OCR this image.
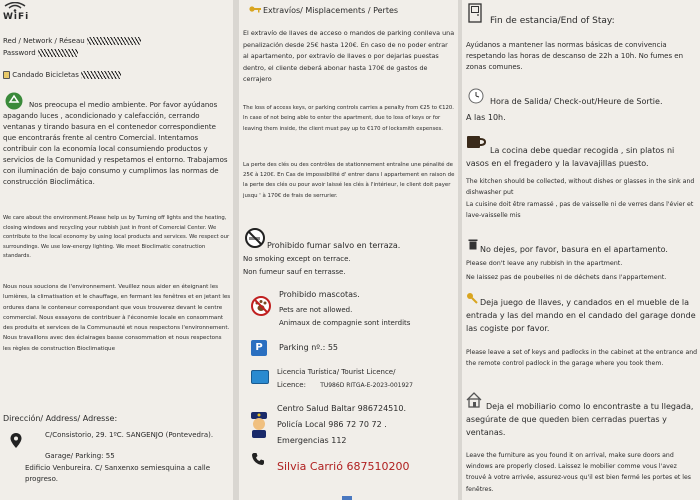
WiFi
Red / Network / Réseau
Password
Candado Bicicletas
Nos preocupa el medio ambiente. Por favor ayúdanos apagando luces , acondicionado y calefacción, cerrando ventanas y tirando basura en el contenedor correspondiente que encontrarás frente al centro Comercial. Intentamos contribuir con la economía local consumiendo productos y servicios de la Comunidad y respetamos el entorno. Trabajamos con iluminación de bajo consumo y cumplimos las normas de construcción Bioclimática.
We care about the environment.Please help us by Turning off lights and the heating, closing windows and recycling your rubbish just in front of Comercial Center. We contribute to the local economy by using local products and services. We respect our surroundings. We use low-energy lighting. We meet Bioclimatic construction standards.
Nous nous soucions de l'environnement. Veuillez nous aider en éteignant les lumières, la climatisation et le chauffage, en fermant les fenêtres et en jetant les ordures dans le conteneur correspondant que vous trouverez devant le centre commercial. Nous essayons de contribuer à l'économie locale en consommant des produits et services de la Communauté et nous respectons l'environnement. Nous travaillons avec des éclairages basse consommation et nous respectons les règles de construction Bioclimatique
Dirección/ Address/ Adresse:
C/Consistorio, 29. 1ºC. SANGENJO (Pontevedra).
Garage/ Parking: 55
Edificio Venbureira. C/ Sanxenxo semiesquina a calle progreso.
Extravíos/ Misplacements / Pertes
El extravío de llaves de acceso o mandos de parking conlleva una penalización desde 25€ hasta 120€. En caso de no poder entrar al apartamento, por extravío de llaves o por dejarlas puestas dentro, el cliente deberá abonar hasta 170€ de gastos de cerrajero
The loss of access keys, or parking controls carries a penalty from €25 to €120. In case of not being able to enter the apartment, due to loss of keys or for leaving them inside, the client must pay up to €170 of locksmith expenses.
La perte des clés ou des contrôles de stationnement entraîne une pénalité de 25€ à 120€. En Cas de impossibilité d' entrer dans l appartement en raison de la perte des clés ou pour avoir laissé les clés à l'intérieur, le client doit payer jusqu ' à 170€ de frais de serrurier.
Prohibido fumar salvo en terraza.
No smoking except on terrace.
Non fumeur sauf en terrasse.
Prohibido mascotas.
Pets are not allowed.
Animaux de compagnie sont interdits
P	Parking nº.: 55
Licencia Turística/ Tourist Licence/
Licence: TU986D RITGA-E-2023-001927
Centro Salud Baltar 986724510.
Policía Local 986 72 70 72 .
Emergencias 112
Silvia Carrió 687510200
Fin de estancia/End of Stay:
Ayúdanos a mantener las normas básicas de convivencia respetando las horas de descanso de 22h a 10h. No fumes en zonas comunes.
Hora de Salida/ Check-out/Heure de Sortie.
A las 10h.
La cocina debe quedar recogida , sin platos ni vasos en el fregadero y la lavavajillas puesto.
The kitchen should be collected, without dishes or glasses in the sink and dishwasher put
La cuisine doit être ramassé , pas de vaisselle ni de verres dans l'évier et lave-vaisselle mis
No dejes, por favor, basura en el apartamento.
Please don't leave any rubbish in the apartment.
Ne laissez pas de poubelles ni de déchets dans l'appartement.
Deja juego de llaves, y candados en el mueble de la entrada y las del mando en el candado del garage donde las cogiste por favor.
Please leave a set of keys and padlocks in the cabinet at the entrance and the remote control padlock in the garage where you took them.
Deja el mobiliario como lo encontraste a tu llegada, asegúrate de que queden bien cerradas puertas y ventanas.
Leave the furniture as you found it on arrival, make sure doors and windows are properly closed. Laissez le mobilier comme vous l'avez trouvé à votre arrivée, assurez-vous qu'il est bien fermé les portes et les fenêtres.
